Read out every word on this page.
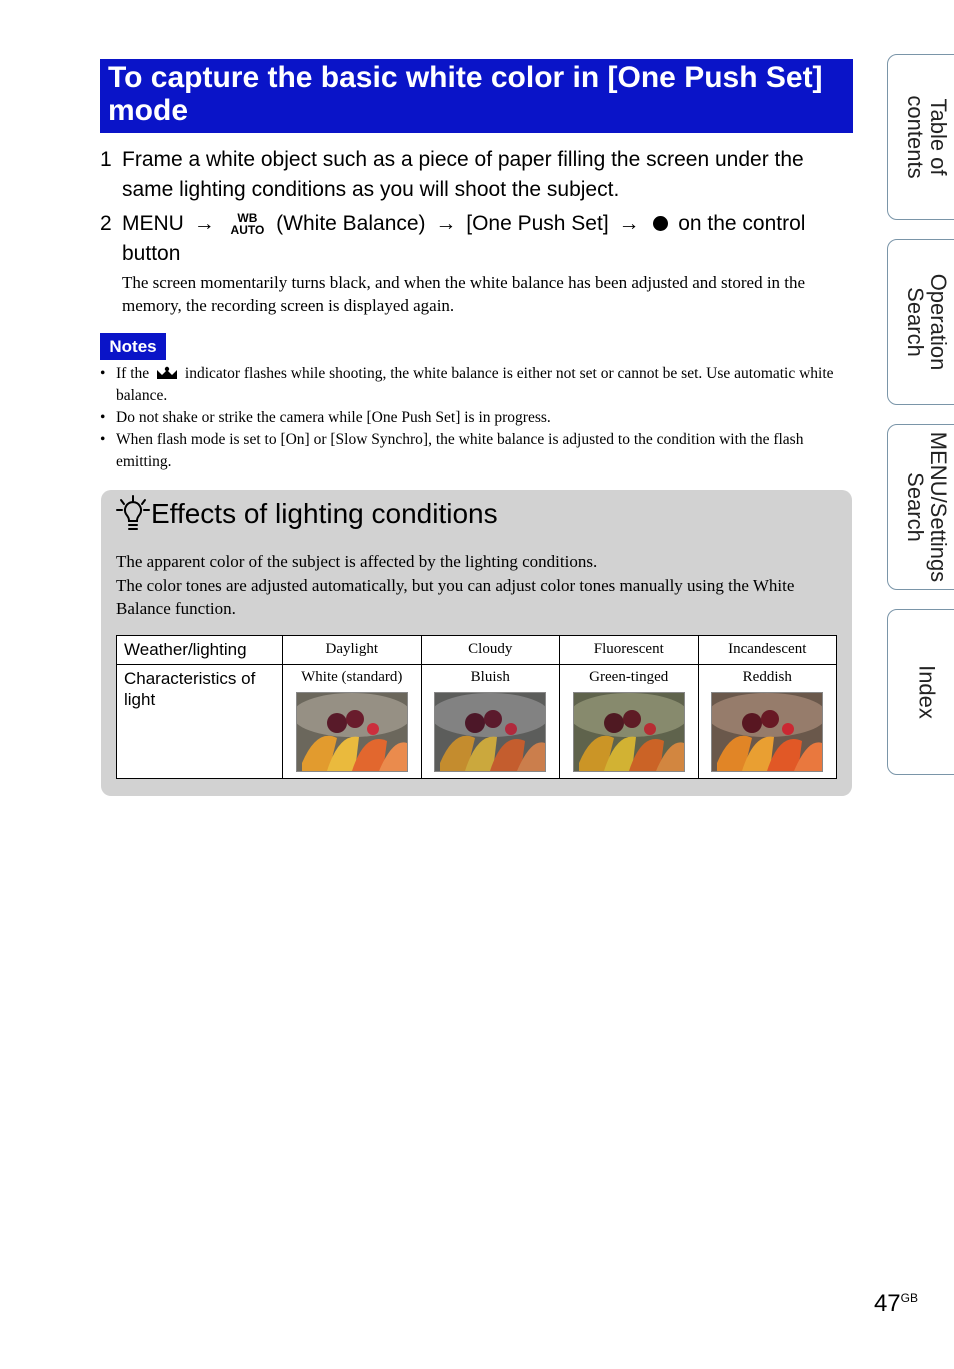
To capture the basic white color in [One Push Set] mode
1 Frame a white object such as a piece of paper filling the screen under the same lighting conditions as you will shoot the subject.
2 MENU → WB
AUTO (White Balance) → [One Push Set] → on the control button
The screen momentarily turns black, and when the white balance has been adjusted and stored in the memory, the recording screen is displayed again.
Notes
• If the indicator flashes while shooting, the white balance is either not set or cannot be set. Use automatic white balance.
• Do not shake or strike the camera while [One Push Set] is in progress.
• When flash mode is set to [On] or [Slow Synchro], the white balance is adjusted to the condition with the flash emitting.
Effects of lighting conditions

The apparent color of the subject is affected by the lighting conditions.

The color tones are adjusted automatically, but you can adjust color tones manually using the White Balance function.

Weather/lighting	Daylight	Cloudy	Fluorescent	Incandescent
Characteristics of light	White (standard)	Bluish	Green-tinged	Reddish
Table of contents
Operation Search
MENU/Settings Search
Index
$47^{GB}$
